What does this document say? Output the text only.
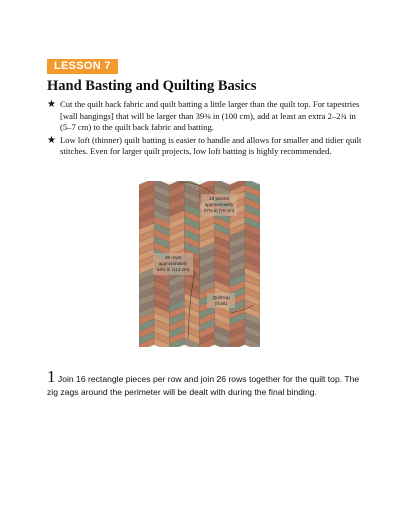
LESSON 7
Hand Basting and Quilting Basics
★ Cut the quilt back fabric and quilt batting a little larger than the quilt top. For tapestries [wall hangings] that will be larger than 39⅜ in (100 cm), add at least an extra 2–2¾ in (5–7 cm) to the quilt back fabric and batting.
★ Low loft (thinner) quilt batting is easier to handle and allows for smaller and tidier quilt stitches. Even for larger quilt projects, low loft batting is highly recommended.
16 pieces
approximately
27¾ in (70 cm)
26 rows
approximately
44½ in (113 cm)
Quilt top
(front)

1 Join 16 rectangle pieces per row and join 26 rows together for the quilt top. The zig zags around the perimeter will be dealt with during the final binding.
